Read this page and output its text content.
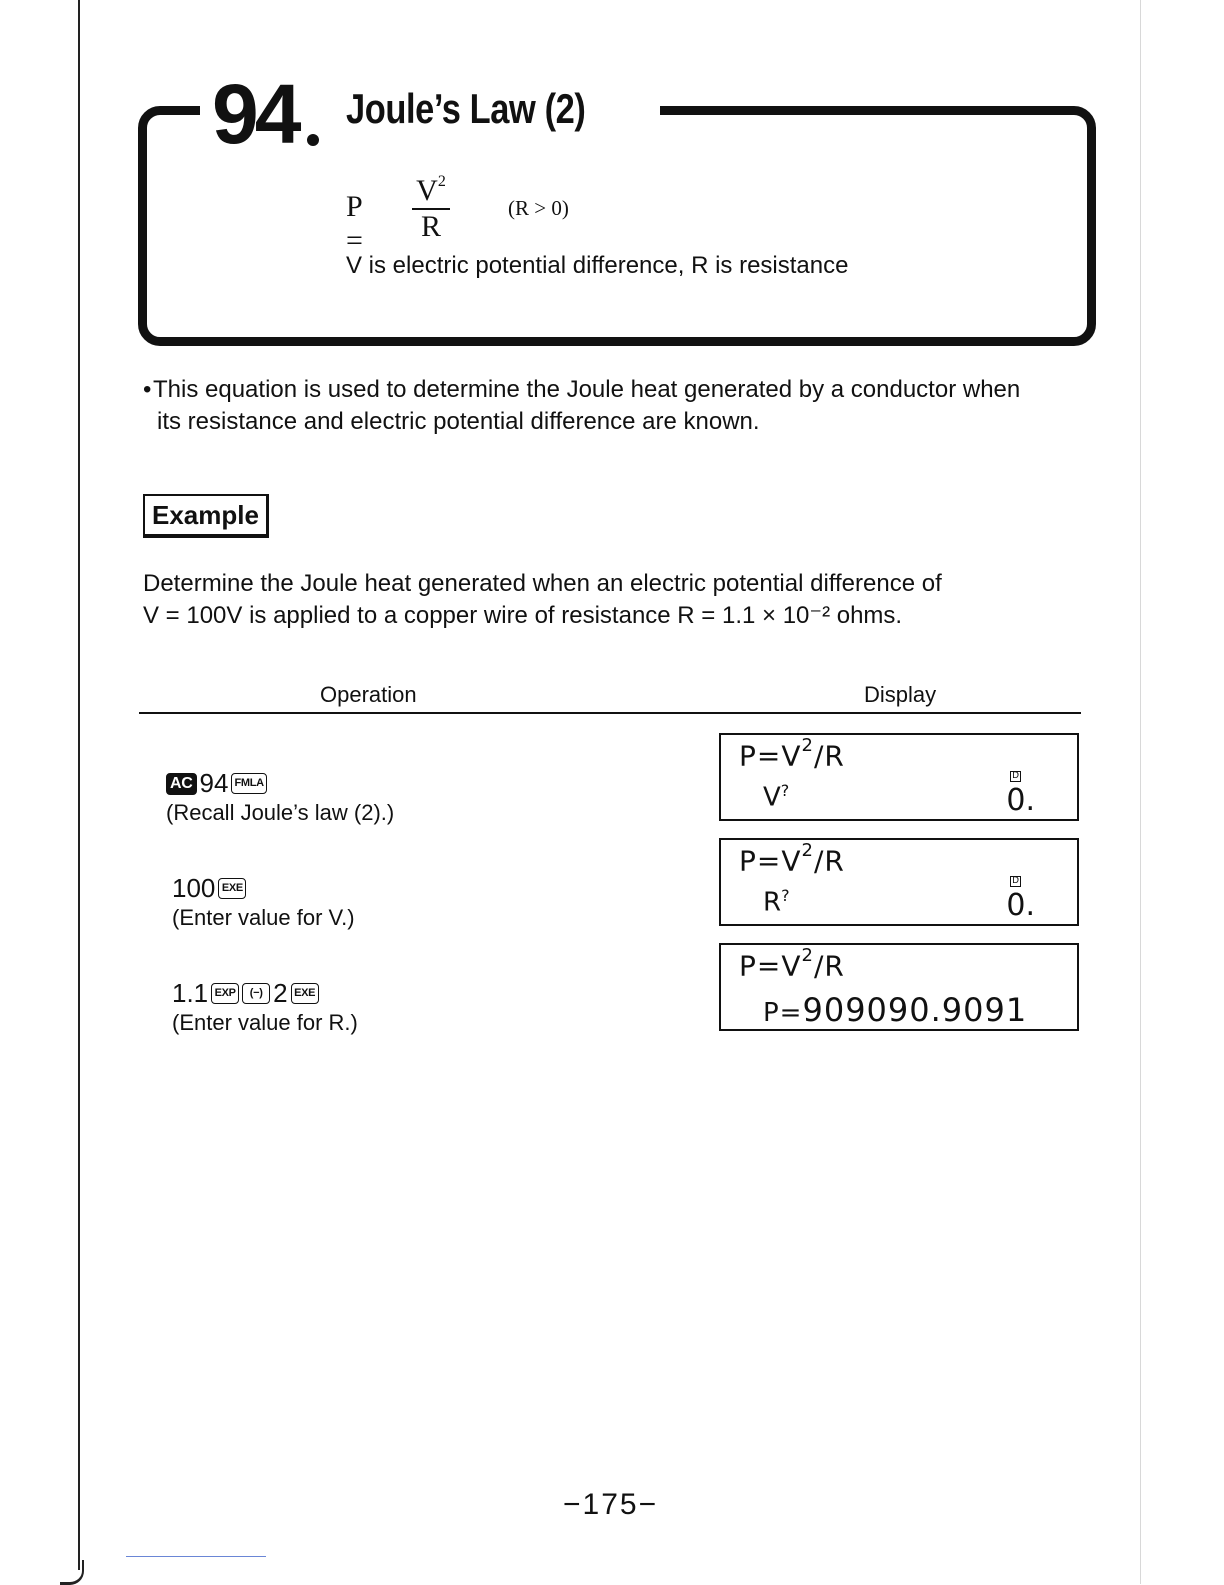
94 Joule’s Law (2)
P =
$V^2$
R
(R > 0)
V is electric potential difference, R is resistance
•This equation is used to determine the Joule heat generated by a conductor when
its resistance and electric potential difference are known.
Example
Determine the Joule heat generated when an electric potential difference of
V = 100V is applied to a copper wire of resistance R = 1.1 × 10⁻² ohms.
Operation	Display
AC 94 FMLA
(Recall Joule’s law (2).)
100 EXE
(Enter value for V.)
1.1 EXP	(−) 2 EXE
(Enter value for R.)
$P=V^2/R$
V?
D
0.
$P=V^2/R$
R?
D
0.
$P=V^2/R$
P=909090.9091
−175−
